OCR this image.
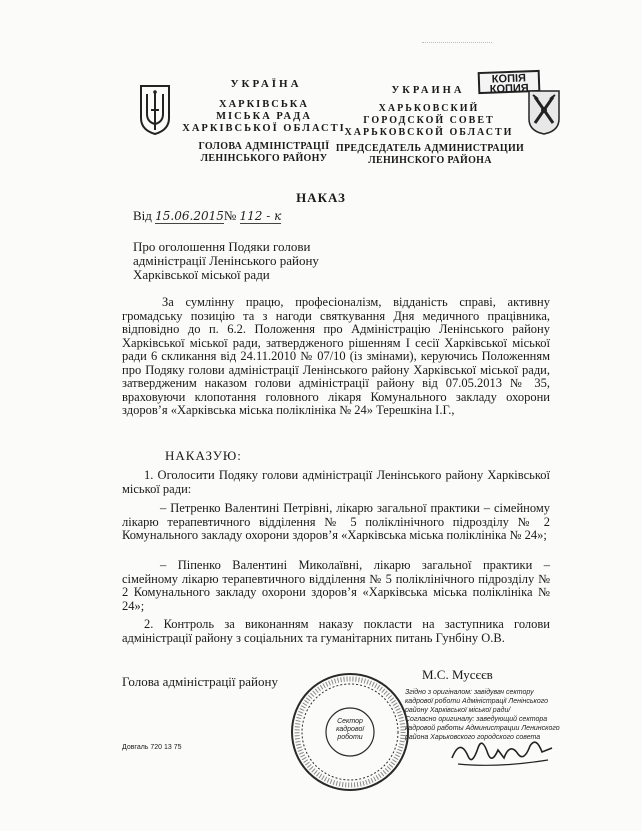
УКРАЇНА
ХАРКІВСЬКА
МІСЬКА РАДА
ХАРКІВСЬКОЇ ОБЛАСТІ
ГОЛОВА АДМІНІСТРАЦІЇ
ЛЕНІНСЬКОГО РАЙОНУ
КОПІЯ
КОПИЯ
УКРАИНА
ХАРЬКОВСКИЙ
ГОРОДСКОЙ СОВЕТ
ХАРЬКОВСКОЙ ОБЛАСТИ
ПРЕДСЕДАТЕЛЬ АДМИНИСТРАЦИИ
ЛЕНИНСКОГО РАЙОНА
НАКАЗ
Від 15.06.2015№ 112 - к
Про оголошення Подяки голови
адміністрації Ленінського району
Харківської міської ради
За сумлінну працю, професіоналізм, відданість справі, активну громадську позицію та з нагоди святкування Дня медичного працівника, відповідно до п. 6.2. Положення про Адміністрацію Ленінського району Харківської міської ради, затвердженого рішенням I сесії Харківської міської ради 6 скликання від 24.11.2010 № 07/10 (із змінами), керуючись Положенням про Подяку голови адміністрації Ленінського району Харківської міської ради, затвердженим наказом голови адміністрації району від 07.05.2013 № 35, враховуючи клопотання головного лікаря Комунального закладу охорони здоров’я «Харківська міська поліклініка № 24» Терешкіна І.Г.,
НАКАЗУЮ:
1. Оголосити Подяку голови адміністрації Ленінського району Харківської міської ради:
– Петренко Валентині Петрівні, лікарю загальної практики – сімейному лікарю терапевтичного відділення № 5 поліклінічного підрозділу № 2 Комунального закладу охорони здоров’я «Харківська міська поліклініка № 24»;
– Піпенко Валентині Миколаївні, лікарю загальної практики – сімейному лікарю терапевтичного відділення № 5 поліклінічного підрозділу № 2 Комунального закладу охорони здоров’я «Харківська міська поліклініка № 24»;
2. Контроль за виконанням наказу покласти на заступника голови адміністрації району з соціальних та гуманітарних питань Гунбіну О.В.
Голова адміністрації району	М.С. Мусєєв
Сектор
кадрової
роботи
Згідно з оригіналом: завідувач сектору
кадрової роботи Адміністрації Ленінського
району Харківської міської ради/
Согласно оригиналу: заведующий сектора
кадровой работы Администрации Ленинского
района Харьковского городского совета
Довгаль 720 13 75
